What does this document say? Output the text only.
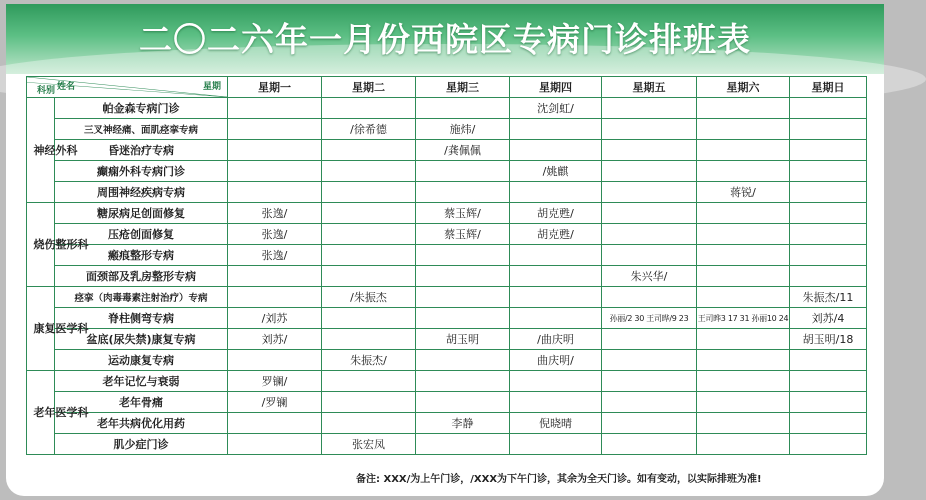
二〇二六年一月份西院区专病门诊排班表
姓名 星期
科别		星期一	星期二	星期三	星期四	星期五	星期六	星期日

神经外科	帕金森专病门诊				沈剑虹/			
	三叉神经痛、面肌痉挛专病		/徐希德	施炜/				
	昏迷治疗专病			/龚佩佩				
	癫痫外科专病门诊				/姚麒			
	周围神经疾病专病						蒋锐/	

烧伤整形科	糖尿病足创面修复	张逸/		蔡玉辉/	胡克甦/			
	压疮创面修复	张逸/		蔡玉辉/	胡克甦/			
	瘢痕整形专病	张逸/						
	面颈部及乳房整形专病					朱兴华/		

康复医学科	痉挛（肉毒毒素注射治疗）专病		/朱振杰					朱振杰/11
	脊柱侧弯专病	/刘苏				孙丽/2 30 王司晔/9 23	王司晔3 17 31 孙丽10 24	刘苏/4
	盆底(尿失禁)康复专病	刘苏/		胡玉明	/曲庆明			胡玉明/18
	运动康复专病		朱振杰/		曲庆明/			

老年医学科	老年记忆与衰弱	罗镧/						
	老年骨痛	/罗镧						
	老年共病优化用药			李静	倪晓晴			
	肌少症门诊		张宏凤					
备注: XXX/为上午门诊，/XXX为下午门诊，其余为全天门诊。如有变动，以实际排班为准!
